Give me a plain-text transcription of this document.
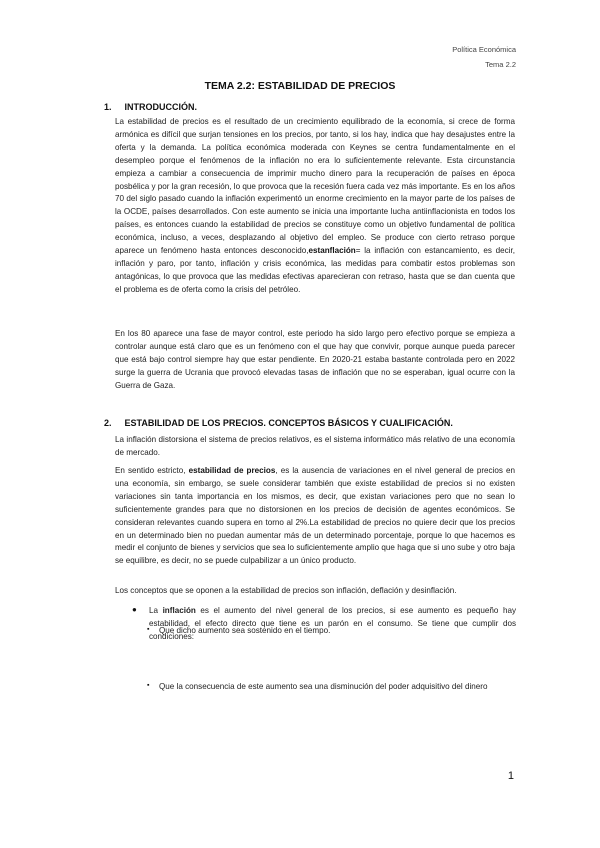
Política Económica
Tema 2.2
TEMA 2.2: ESTABILIDAD DE PRECIOS
1. INTRODUCCIÓN.

La estabilidad de precios es el resultado de un crecimiento equilibrado de la economía, si crece de forma armónica es difícil que surjan tensiones en los precios, por tanto, si los hay, indica que hay desajustes entre la oferta y la demanda. La política económica moderada con Keynes se centra fundamentalmente en el desempleo porque el fenómenos de la inflación no era lo suficientemente relevante. Esta circunstancia empieza a cambiar a consecuencia de imprimir mucho dinero para la recuperación de países en época posbélica y por la gran recesión, lo que provoca que la recesión fuera cada vez más importante. Es en los años 70 del siglo pasado cuando la inflación experimentó un enorme crecimiento en la mayor parte de los países de la OCDE, países desarrollados. Con este aumento se inicia una importante lucha antiinflacionista en todos los países, es entonces cuando la estabilidad de precios se constituye como un objetivo fundamental de política económica, incluso, a veces, desplazando al objetivo del empleo. Se produce con cierto retraso porque aparece un fenómeno hasta entonces desconocido,estanflación= la inflación con estancamiento, es decir, inflación y paro, por tanto, inflación y crisis económica, las medidas para combatir estos problemas son antagónicas, lo que provoca que las medidas efectivas aparecieran con retraso, hasta que se dan cuenta que el problema es de oferta como la crisis del petróleo.

En los 80 aparece una fase de mayor control, este periodo ha sido largo pero efectivo porque se empieza a controlar aunque está claro que es un fenómeno con el que hay que convivir, porque aunque pueda parecer que está bajo control siempre hay que estar pendiente. En 2020-21 estaba bastante controlada pero en 2022 surge la guerra de Ucrania que provocó elevadas tasas de inflación que no se esperaban, igual ocurre con la Guerra de Gaza.

2. ESTABILIDAD DE LOS PRECIOS. CONCEPTOS BÁSICOS Y CUALIFICACIÓN.

La inflación distorsiona el sistema de precios relativos, es el sistema informático más relativo de una economía de mercado.

En sentido estricto, estabilidad de precios, es la ausencia de variaciones en el nivel general de precios en una economía, sin embargo, se suele considerar también que existe estabilidad de precios si no existen variaciones sin tanta importancia en los mismos, es decir, que existan variaciones pero que no sean lo suficientemente grandes para que no distorsionen en los precios de decisión de agentes económicos. Se consideran relevantes cuando supera en torno al 2%.La estabilidad de precios no quiere decir que los precios en un determinado bien no puedan aumentar más de un determinado porcentaje, porque lo que hacemos es medir el conjunto de bienes y servicios que sea lo suficientemente amplio que haga que si uno sube y otro baja se equilibre, es decir, no se puede culpabilizar a un único producto.

Los conceptos que se oponen a la estabilidad de precios son inflación, deflación y desinflación.

● La inflación es el aumento del nivel general de los precios, si ese aumento es pequeño hay estabilidad, el efecto directo que tiene es un parón en el consumo. Se tiene que cumplir dos condiciones:

▪ Que dicho aumento sea sostenido en el tiempo.

▪ Que la consecuencia de este aumento sea una disminución del poder adquisitivo del dinero

1
